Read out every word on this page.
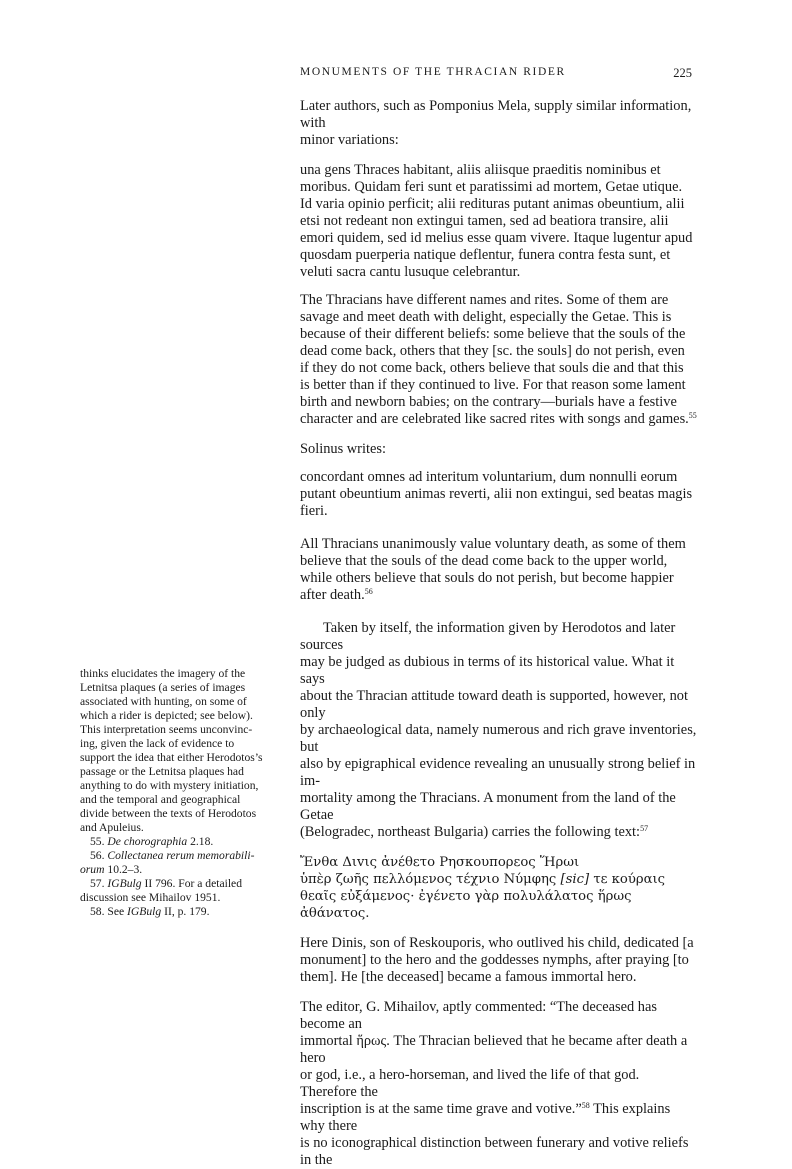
MONUMENTS OF THE THRACIAN RIDER	225

Later authors, such as Pomponius Mela, supply similar information, with
minor variations:

una gens Thraces habitant, aliis aliisque praeditis nominibus et
moribus. Quidam feri sunt et paratissimi ad mortem, Getae utique.
Id varia opinio perficit; alii redituras putant animas obeuntium, alii
etsi not redeant non extingui tamen, sed ad beatiora transire, alii
emori quidem, sed id melius esse quam vivere. Itaque lugentur apud
quosdam puerperia natique deflentur, funera contra festa sunt, et
veluti sacra cantu lusuque celebrantur.

The Thracians have different names and rites. Some of them are
savage and meet death with delight, especially the Getae. This is
because of their different beliefs: some believe that the souls of the
dead come back, others that they [sc. the souls] do not perish, even
if they do not come back, others believe that souls die and that this
is better than if they continued to live. For that reason some lament
birth and newborn babies; on the contrary—burials have a festive
character and are celebrated like sacred rites with songs and games.$^{55}$

Solinus writes:

concordant omnes ad interitum voluntarium, dum nonnulli eorum
putant obeuntium animas reverti, alii non extingui, sed beatas magis
fieri.

All Thracians unanimously value voluntary death, as some of them
believe that the souls of the dead come back to the upper world,
while others believe that souls do not perish, but become happier
after death.$^{56}$

Taken by itself, the information given by Herodotos and later sources
may be judged as dubious in terms of its historical value. What it says
about the Thracian attitude toward death is supported, however, not only
by archaeological data, namely numerous and rich grave inventories, but
also by epigraphical evidence revealing an unusually strong belief in im-
mortality among the Thracians. A monument from the land of the Getae
(Belogradec, northeast Bulgaria) carries the following text:$^{57}$

Ἔνθα Διvις ἀνέθετο Ρησκουπορεος Ἥρωι
ὑπὲρ ζωῆς πελλόμενος τέχνιο Νύμφης [sic] τε κούραις
θεαῖς εὐξάμενος· ἐγένετο γὰρ πολυλάλατος ἥρως
ἀθάνατος.

Here Dinis, son of Reskouporis, who outlived his child, dedicated [a
monument] to the hero and the goddesses nymphs, after praying [to
them]. He [the deceased] became a famous immortal hero.

The editor, G. Mihailov, aptly commented: “The deceased has become an
immortal ἥρως. The Thracian believed that he became after death a hero
or god, i.e., a hero-horseman, and lived the life of that god. Therefore the
inscription is at the same time grave and votive.”$^{58}$ This explains why there
is no iconographical distinction between funerary and votive reliefs in the

thinks elucidates the imagery of the
Letnitsa plaques (a series of images
associated with hunting, on some of
which a rider is depicted; see below).
This interpretation seems unconvinc-
ing, given the lack of evidence to
support the idea that either Herodotos’s
passage or the Letnitsa plaques had
anything to do with mystery initiation,
and the temporal and geographical
divide between the texts of Herodotos
and Apuleius.

55. De chorographia 2.18.

56. Collectanea rerum memorabili-
orum 10.2–3.

57. IGBulg II 796. For a detailed
discussion see Mihailov 1951.

58. See IGBulg II, p. 179.
